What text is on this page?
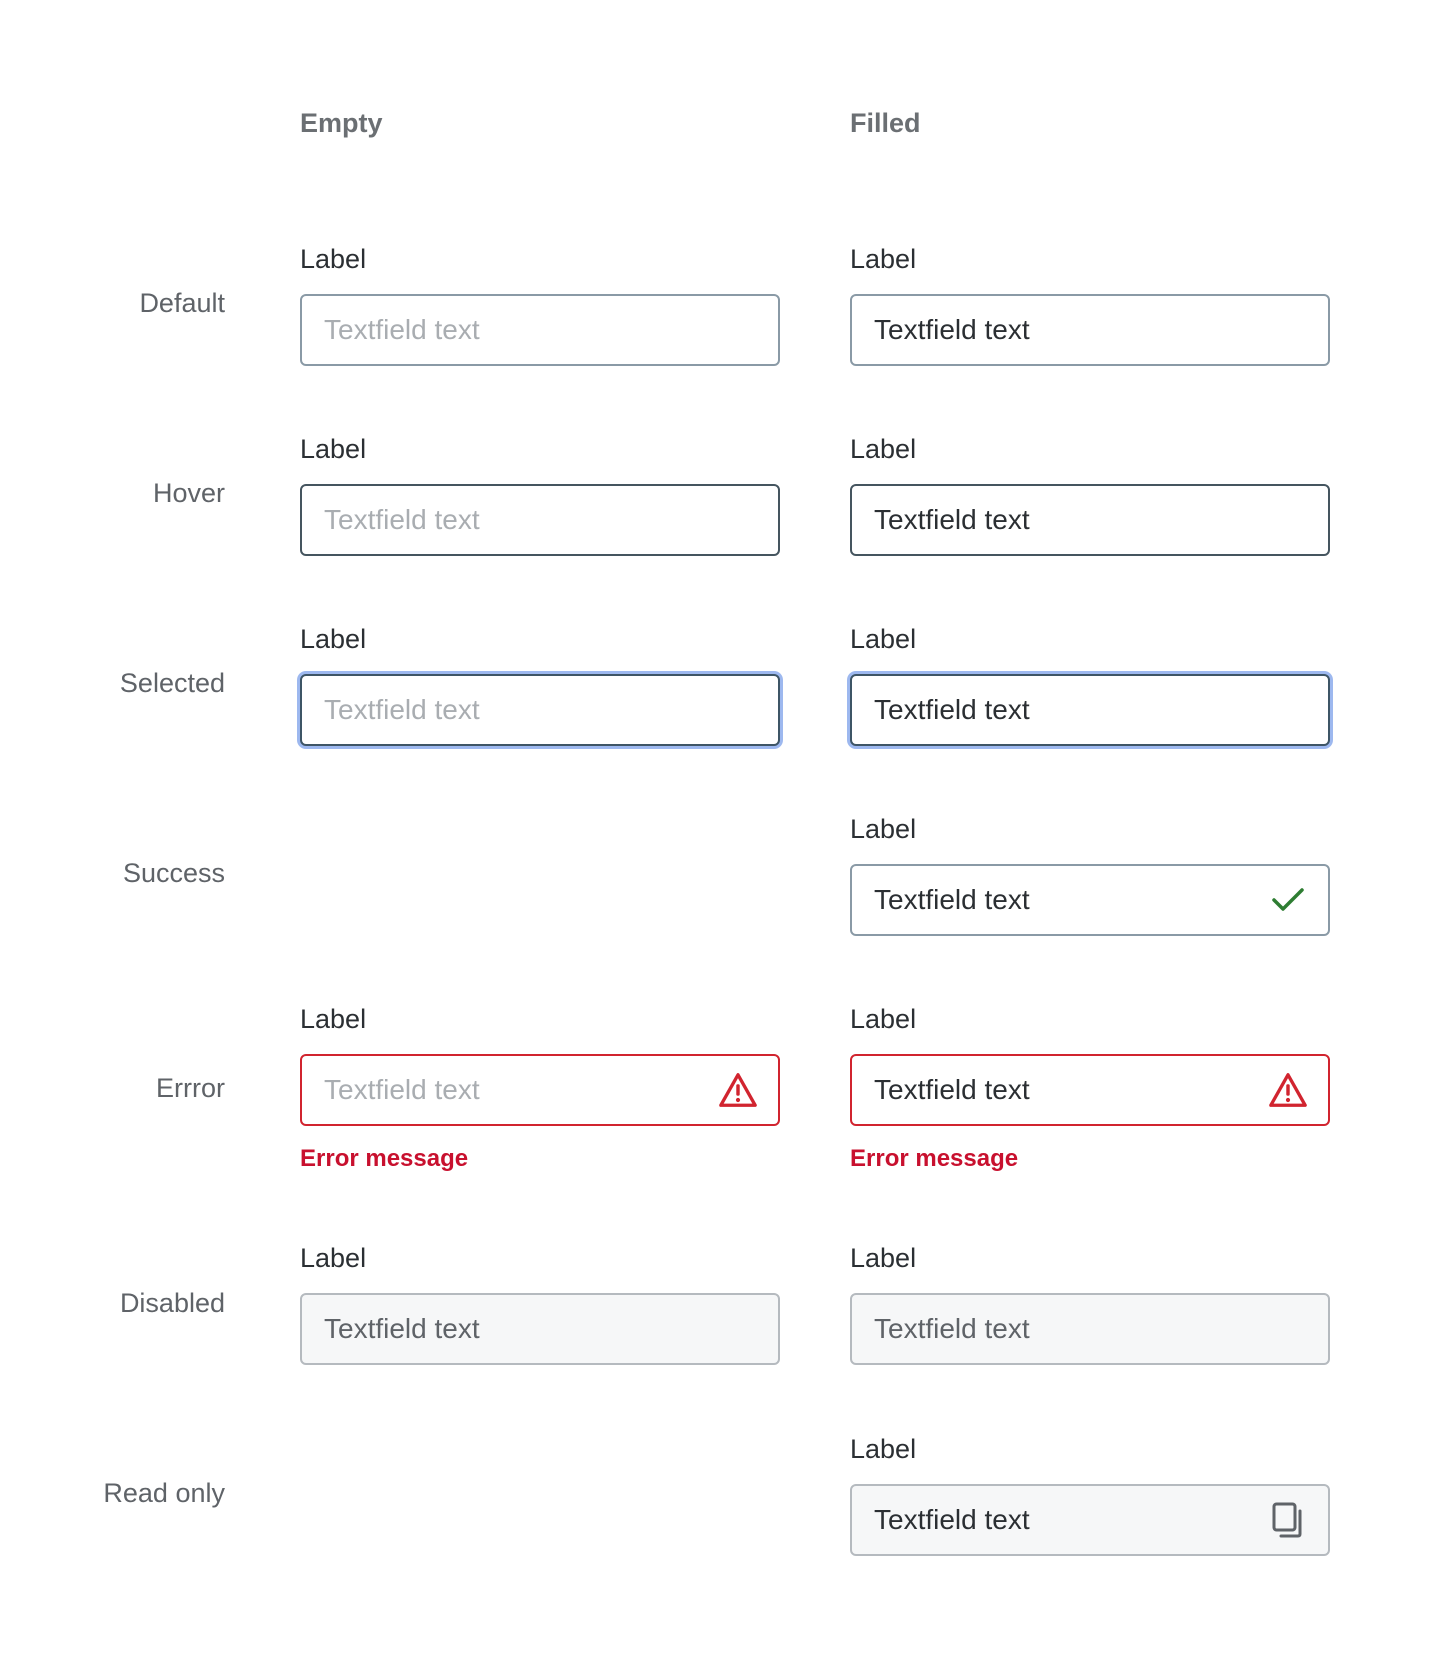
Empty	Filled
Default
Label
Textfield text
Label
Textfield text
Hover
Label
Textfield text
Label
Textfield text
Selected
Label
Textfield text
Label
Textfield text
Success
Label
Textfield text
Errror
Label
Textfield text
Error message
Label
Textfield text
Error message
Disabled
Label
Textfield text
Label
Textfield text
Read only
Label
Textfield text
